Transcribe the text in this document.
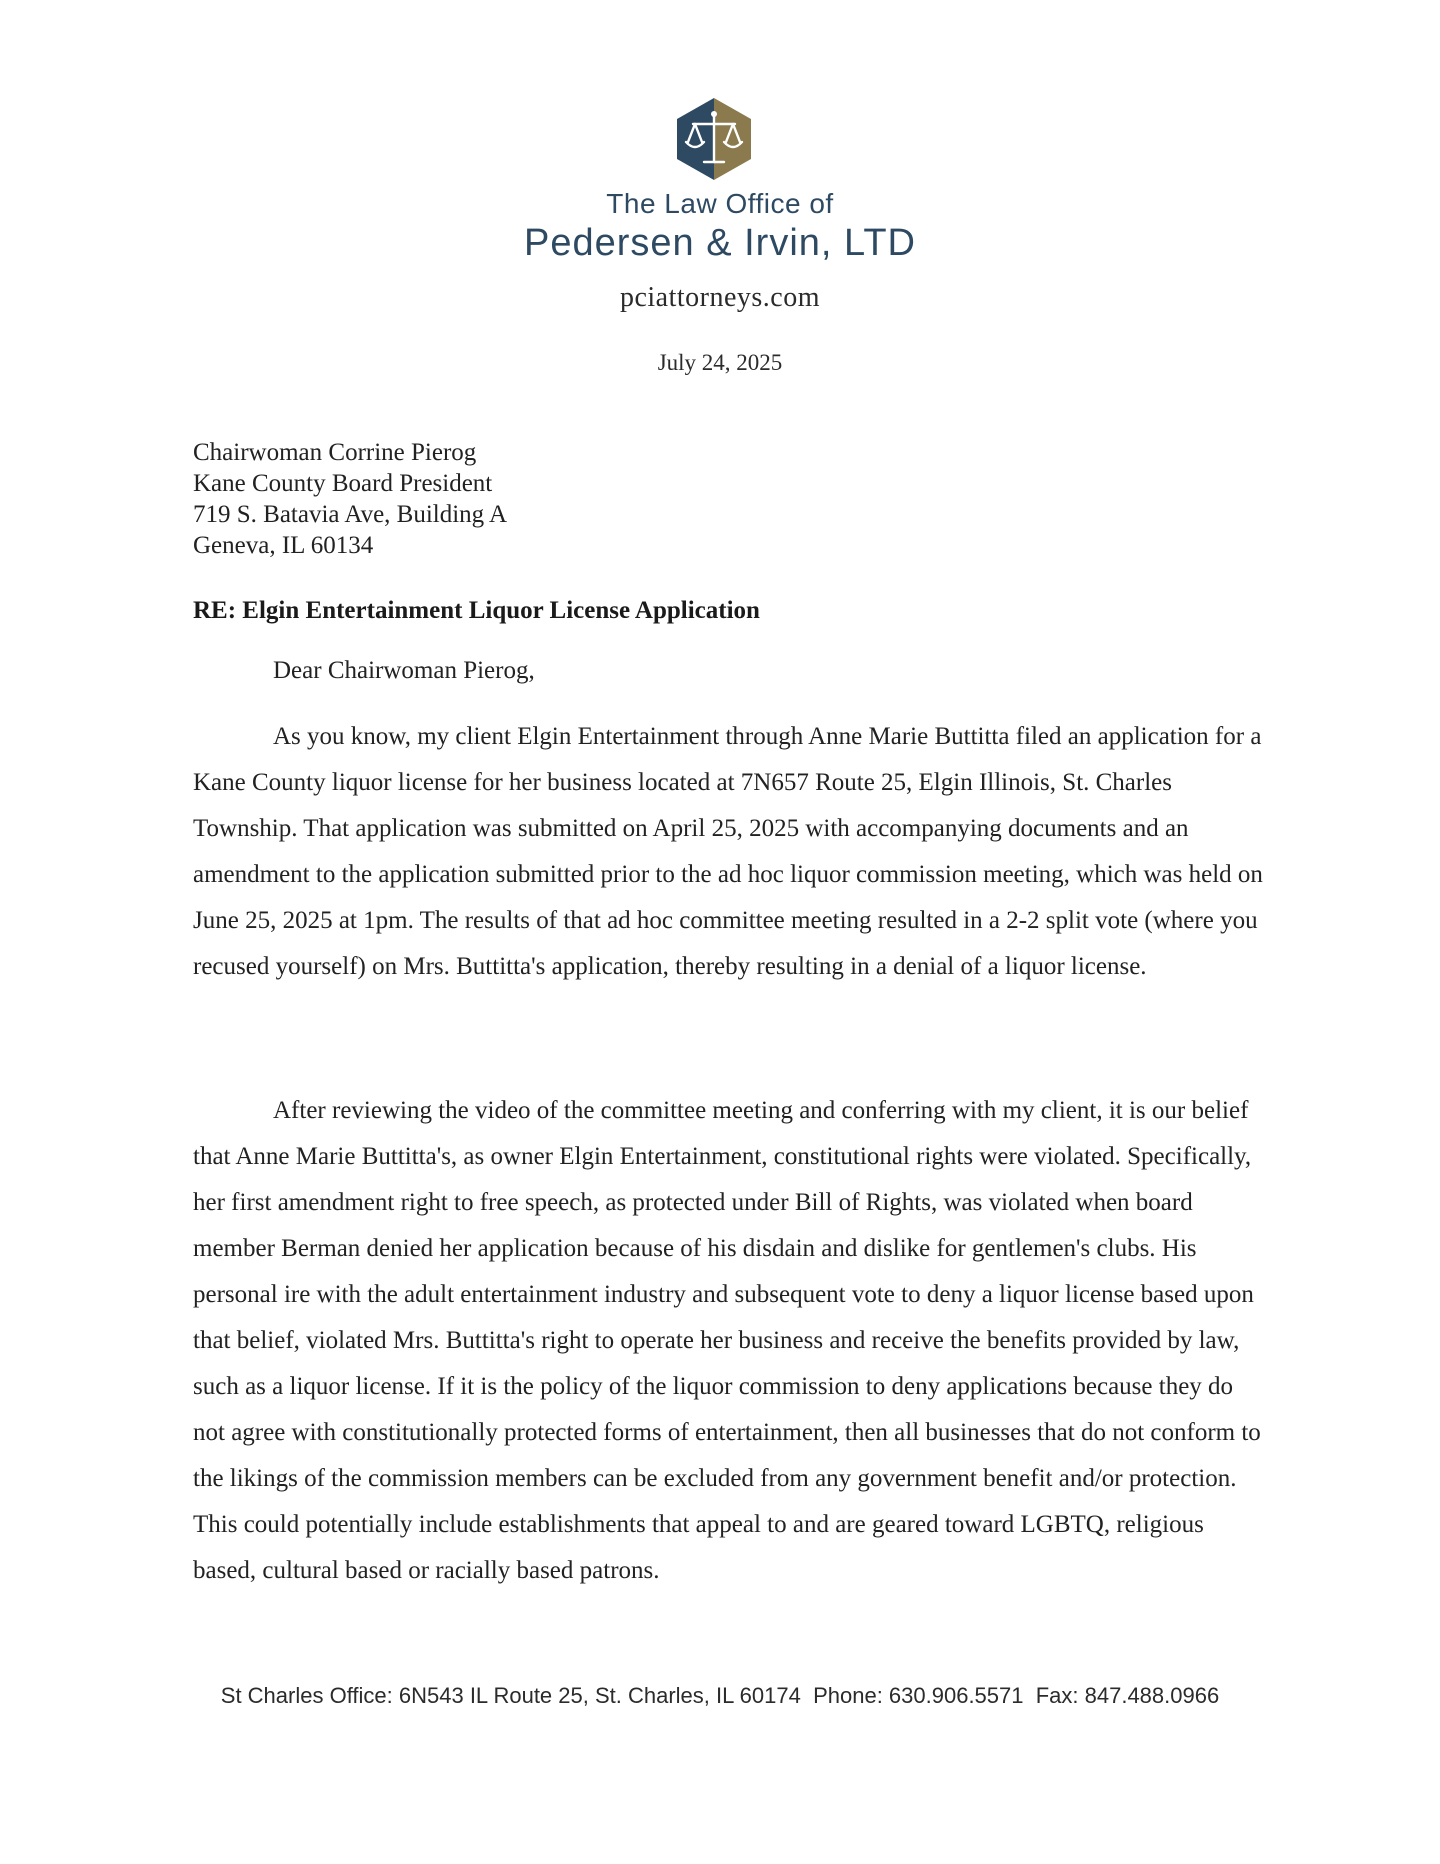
The Law Office of
Pedersen & Irvin, LTD
pciattorneys.com
July 24, 2025
Chairwoman Corrine Pierog
Kane County Board President
719 S. Batavia Ave, Building A
Geneva, IL 60134
RE: Elgin Entertainment Liquor License Application
Dear Chairwoman Pierog,
As you know, my client Elgin Entertainment through Anne Marie Buttitta filed an application for a Kane County liquor license for her business located at 7N657 Route 25, Elgin Illinois, St. Charles Township. That application was submitted on April 25, 2025 with accompanying documents and an amendment to the application submitted prior to the ad hoc liquor commission meeting, which was held on June 25, 2025 at 1pm. The results of that ad hoc committee meeting resulted in a 2-2 split vote (where you recused yourself) on Mrs. Buttitta's application, thereby resulting in a denial of a liquor license.
After reviewing the video of the committee meeting and conferring with my client, it is our belief that Anne Marie Buttitta's, as owner Elgin Entertainment, constitutional rights were violated. Specifically, her first amendment right to free speech, as protected under Bill of Rights, was violated when board member Berman denied her application because of his disdain and dislike for gentlemen's clubs. His personal ire with the adult entertainment industry and subsequent vote to deny a liquor license based upon that belief, violated Mrs. Buttitta's right to operate her business and receive the benefits provided by law, such as a liquor license. If it is the policy of the liquor commission to deny applications because they do not agree with constitutionally protected forms of entertainment, then all businesses that do not conform to the likings of the commission members can be excluded from any government benefit and/or protection. This could potentially include establishments that appeal to and are geared toward LGBTQ, religious based, cultural based or racially based patrons.
St Charles Office: 6N543 IL Route 25, St. Charles, IL 60174 Phone: 630.906.5571 Fax: 847.488.0966
